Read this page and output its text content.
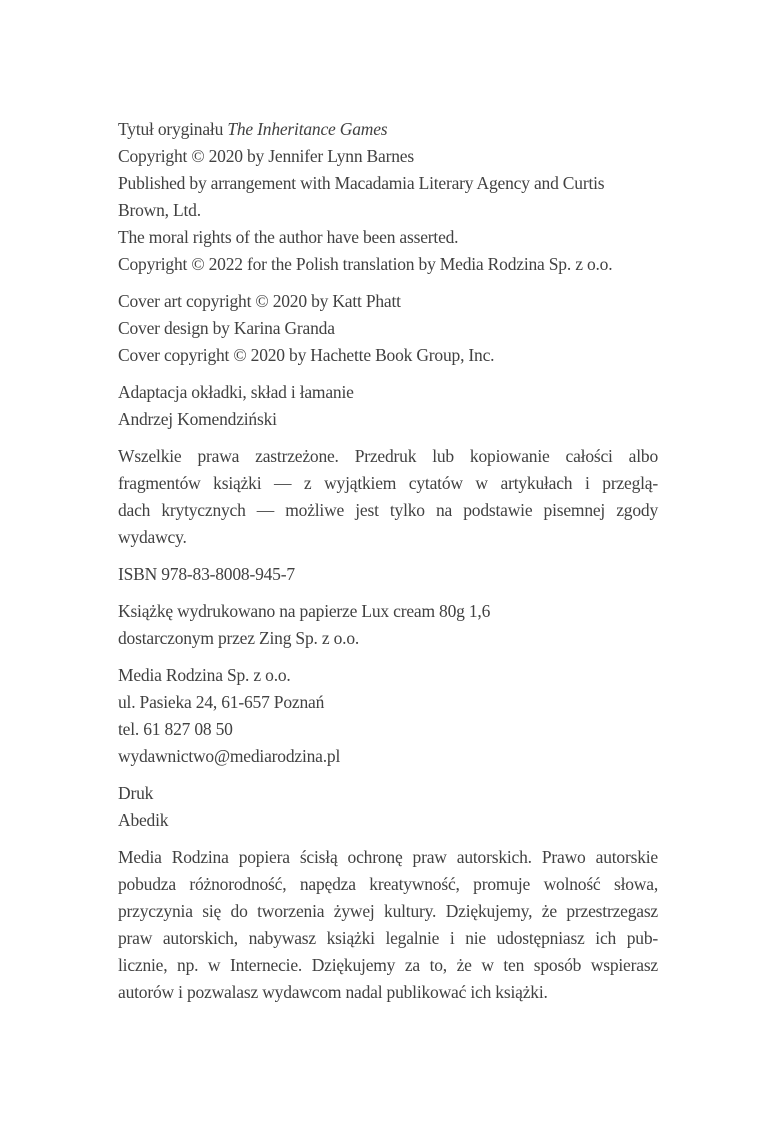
Tytuł oryginału The Inheritance Games
Copyright © 2020 by Jennifer Lynn Barnes
Published by arrangement with Macadamia Literary Agency and Curtis
Brown, Ltd.
The moral rights of the author have been asserted.
Copyright © 2022 for the Polish translation by Media Rodzina Sp. z o.o.
Cover art copyright © 2020 by Katt Phatt
Cover design by Karina Granda
Cover copyright © 2020 by Hachette Book Group, Inc.
Adaptacja okładki, skład i łamanie
Andrzej Komendziński
Wszelkie prawa zastrzeżone. Przedruk lub kopiowanie całości albo
fragmentów książki — z wyjątkiem cytatów w artykułach i przeglą-
dach krytycznych — możliwe jest tylko na podstawie pisemnej zgody
wydawcy.
ISBN 978-83-8008-945-7
Książkę wydrukowano na papierze Lux cream 80g 1,6
dostarczonym przez Zing Sp. z o.o.
Media Rodzina Sp. z o.o.
ul. Pasieka 24, 61-657 Poznań
tel. 61 827 08 50
wydawnictwo@mediarodzina.pl
Druk
Abedik
Media Rodzina popiera ścisłą ochronę praw autorskich. Prawo autorskie
pobudza różnorodność, napędza kreatywność, promuje wolność słowa,
przyczynia się do tworzenia żywej kultury. Dziękujemy, że przestrzegasz
praw autorskich, nabywasz książki legalnie i nie udostępniasz ich pub-
licznie, np. w Internecie. Dziękujemy za to, że w ten sposób wspierasz
autorów i pozwalasz wydawcom nadal publikować ich książki.
